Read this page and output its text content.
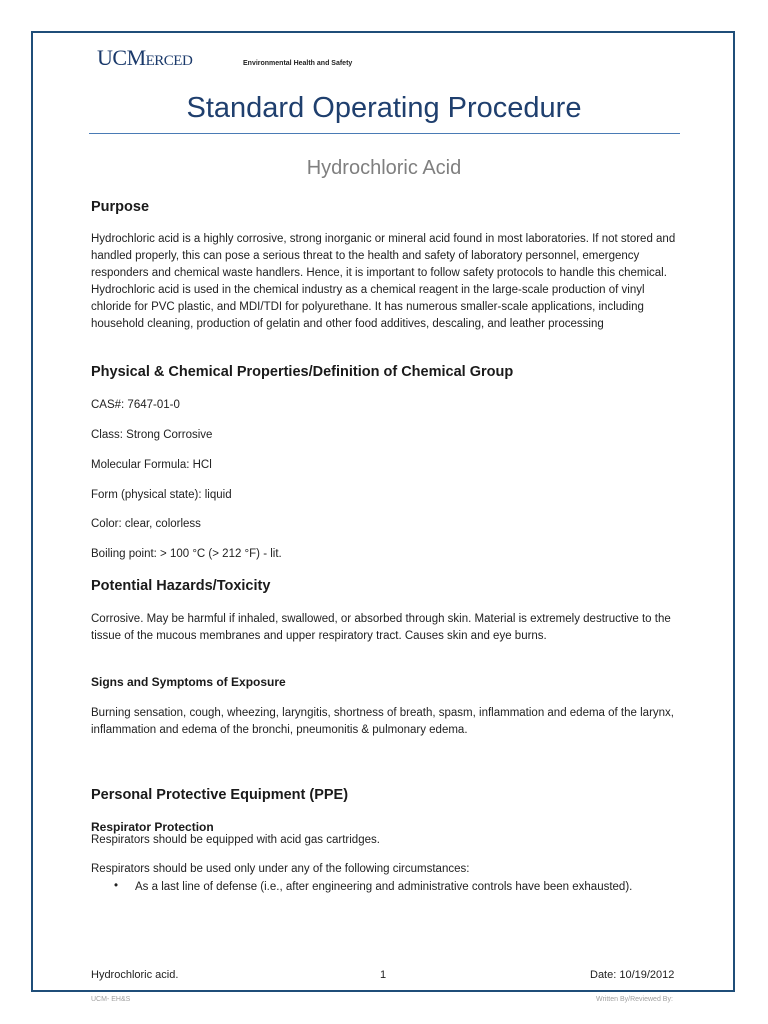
UCMerced	Environmental Health and Safety
Standard Operating Procedure
Hydrochloric Acid
Purpose
Hydrochloric acid is a highly corrosive, strong inorganic or mineral acid found in most laboratories. If not stored and handled properly, this can pose a serious threat to the health and safety of laboratory personnel, emergency responders and chemical waste handlers. Hence, it is important to follow safety protocols to handle this chemical. Hydrochloric acid is used in the chemical industry as a chemical reagent in the large-scale production of vinyl chloride for PVC plastic, and MDI/TDI for polyurethane. It has numerous smaller-scale applications, including household cleaning, production of gelatin and other food additives, descaling, and leather processing
Physical & Chemical Properties/Definition of Chemical Group
CAS#: 7647-01-0
Class: Strong Corrosive
Molecular Formula: HCl
Form (physical state): liquid
Color: clear, colorless
Boiling point: > 100 °C (> 212 °F) - lit.
Potential Hazards/Toxicity
Corrosive. May be harmful if inhaled, swallowed, or absorbed through skin. Material is extremely destructive to the tissue of the mucous membranes and upper respiratory tract. Causes skin and eye burns.
Signs and Symptoms of Exposure
Burning sensation, cough, wheezing, laryngitis, shortness of breath, spasm, inflammation and edema of the larynx, inflammation and edema of the bronchi, pneumonitis & pulmonary edema.
Personal Protective Equipment (PPE)
Respirator Protection
Respirators should be equipped with acid gas cartridges.
Respirators should be used only under any of the following circumstances:
• As a last line of defense (i.e., after engineering and administrative controls have been exhausted).
Hydrochloric acid.	1	Date: 10/19/2012
UCM- EH&S	Written By/Reviewed By:
